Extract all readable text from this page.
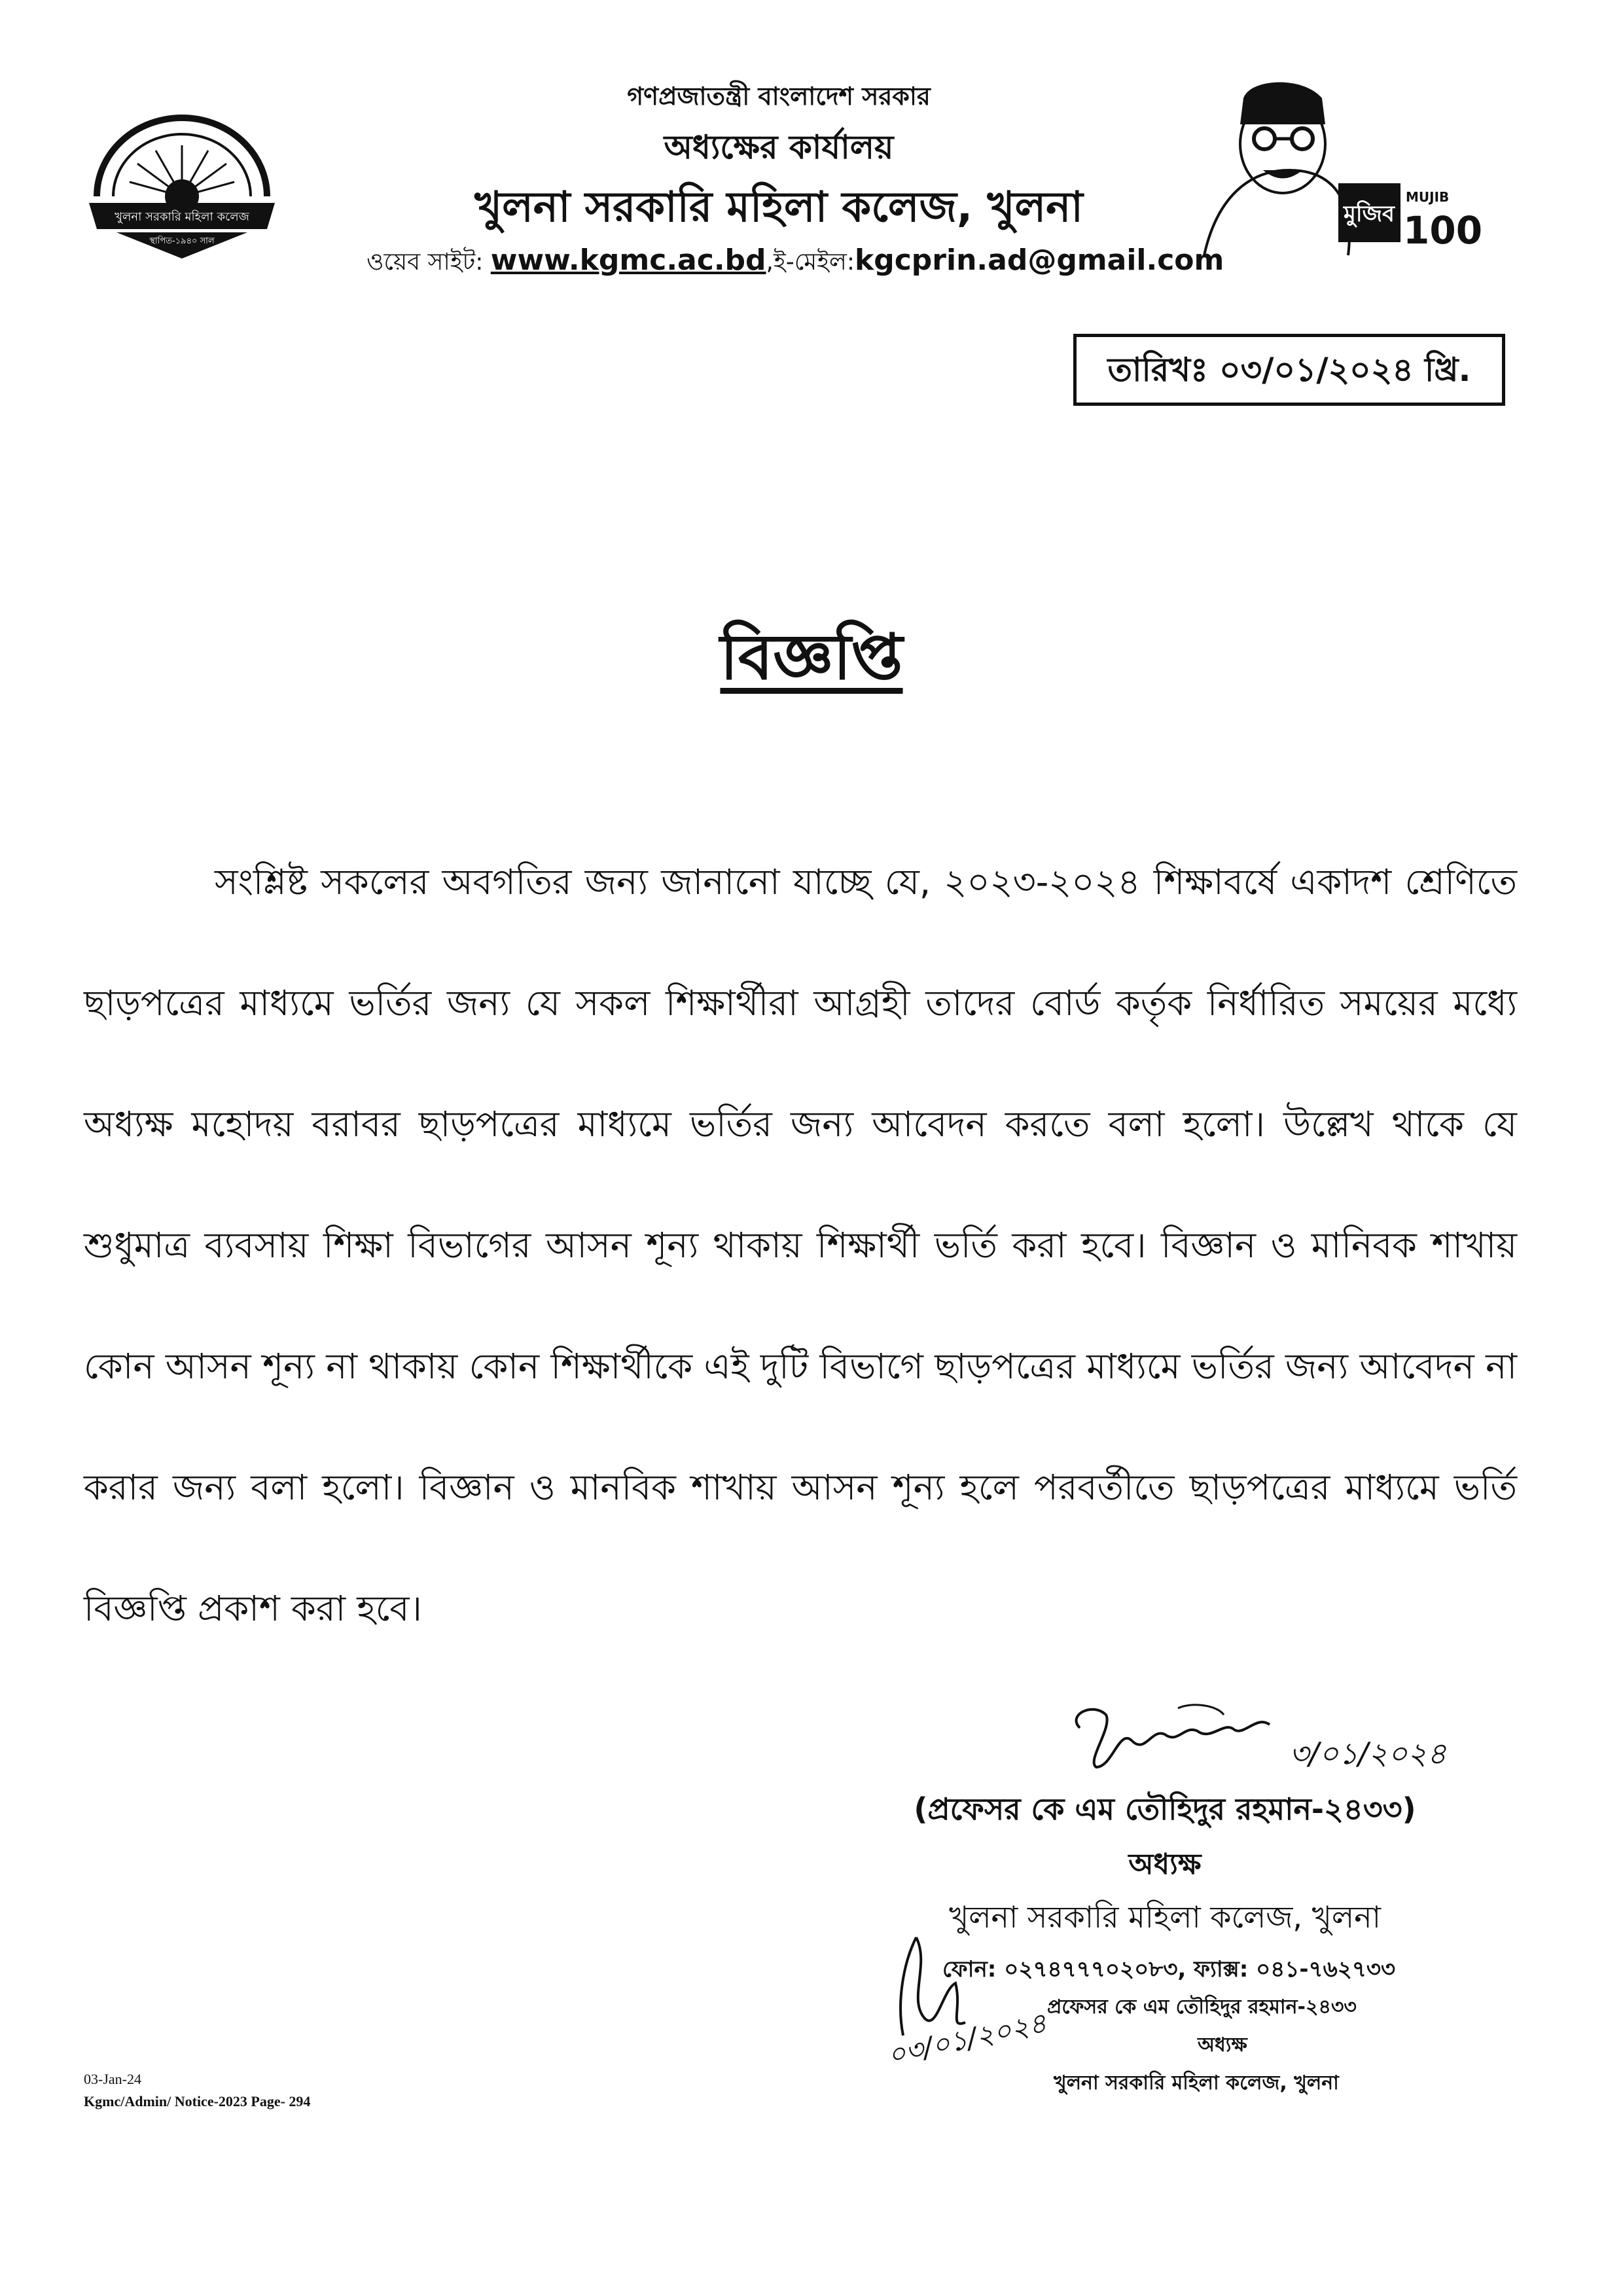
খুলনা সরকারি মহিলা কলেজ
স্থাপিত-১৯৪০ সাল
গণপ্রজাতন্ত্রী বাংলাদেশ সরকার
অধ্যক্ষের কার্যালয়
খুলনা সরকারি মহিলা কলেজ, খুলনা
ওয়েব সাইট: www.kgmc.ac.bd,ই-মেইল:kgcprin.ad@gmail.com
মুজিব
MUJIB
100
তারিখঃ ০৩/০১/২০২৪ খ্রি.
বিজ্ঞপ্তি
সংশ্লিষ্ট সকলের অবগতির জন্য জানানো যাচ্ছে যে, ২০২৩-২০২৪ শিক্ষাবর্ষে একাদশ শ্রেণিতে ছাড়পত্রের মাধ্যমে ভর্তির জন্য যে সকল শিক্ষার্থীরা আগ্রহী তাদের বোর্ড কর্তৃক নির্ধারিত সময়ের মধ্যে অধ্যক্ষ মহোদয় বরাবর ছাড়পত্রের মাধ্যমে ভর্তির জন্য আবেদন করতে বলা হলো। উল্লেখ থাকে যে শুধুমাত্র ব্যবসায় শিক্ষা বিভাগের আসন শূন্য থাকায় শিক্ষার্থী ভর্তি করা হবে। বিজ্ঞান ও মানিবক শাখায় কোন আসন শূন্য না থাকায় কোন শিক্ষার্থীকে এই দুটি বিভাগে ছাড়পত্রের মাধ্যমে ভর্তির জন্য আবেদন না করার জন্য বলা হলো। বিজ্ঞান ও মানবিক শাখায় আসন শূন্য হলে পরবর্তীতে ছাড়পত্রের মাধ্যমে ভর্তি বিজ্ঞপ্তি প্রকাশ করা হবে।
৩/০১/২০২৪
(প্রফেসর কে এম তৌহিদুর রহমান-২৪৩৩)
অধ্যক্ষ
খুলনা সরকারি মহিলা কলেজ, খুলনা
ফোন: ০২৭৪৭৭৭০২০৮৩, ফ্যাক্স: ০৪১-৭৬২৭৩৩
প্রফেসর কে এম তৌহিদুর রহমান-২৪৩৩
অধ্যক্ষ
খুলনা সরকারি মহিলা কলেজ, খুলনা
০৩/০১/২০২৪
03-Jan-24
Kgmc/Admin/ Notice-2023 Page- 294
